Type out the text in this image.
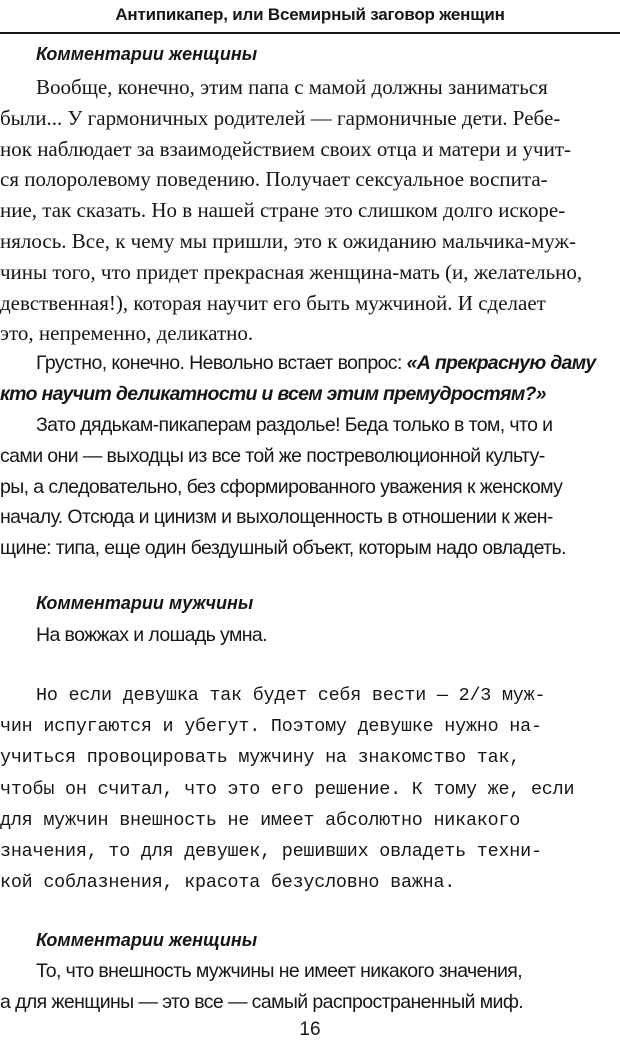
Антипикапер, или Всемирный заговор женщин
Комментарии женщины
Вообще, конечно, этим папа с мамой должны заниматься
были... У гармоничных родителей — гармоничные дети. Ребе-
нок наблюдает за взаимодействием своих отца и матери и учит-
ся полоролевому поведению. Получает сексуальное воспита-
ние, так сказать. Но в нашей стране это слишком долго искоре-
нялось. Все, к чему мы пришли, это к ожиданию мальчика-муж-
чины того, что придет прекрасная женщина-мать (и, желательно,
девственная!), которая научит его быть мужчиной. И сделает
это, непременно, деликатно.
Грустно, конечно. Невольно встает вопрос: «А прекрасную даму
кто научит деликатности и всем этим премудростям?»
Зато дядькам-пикаперам раздолье! Беда только в том, что и
сами они — выходцы из все той же постреволюционной культу-
ры, а следовательно, без сформированного уважения к женскому
началу. Отсюда и цинизм и выхолощенность в отношении к жен-
щине: типа, еще один бездушный объект, которым надо овладеть.
Комментарии мужчины
На вожжах и лошадь умна.
Но если девушка так будет себя вести — 2/3 муж-
чин испугаются и убегут. Поэтому девушке нужно на-
учиться провоцировать мужчину на знакомство так,
чтобы он считал, что это его решение. К тому же, если
для мужчин внешность не имеет абсолютно никакого
значения, то для девушек, решивших овладеть техни-
кой соблазнения, красота безусловно важна.
Комментарии женщины
То, что внешность мужчины не имеет никакого значения,
а для женщины — это все — самый распространенный миф.
16
